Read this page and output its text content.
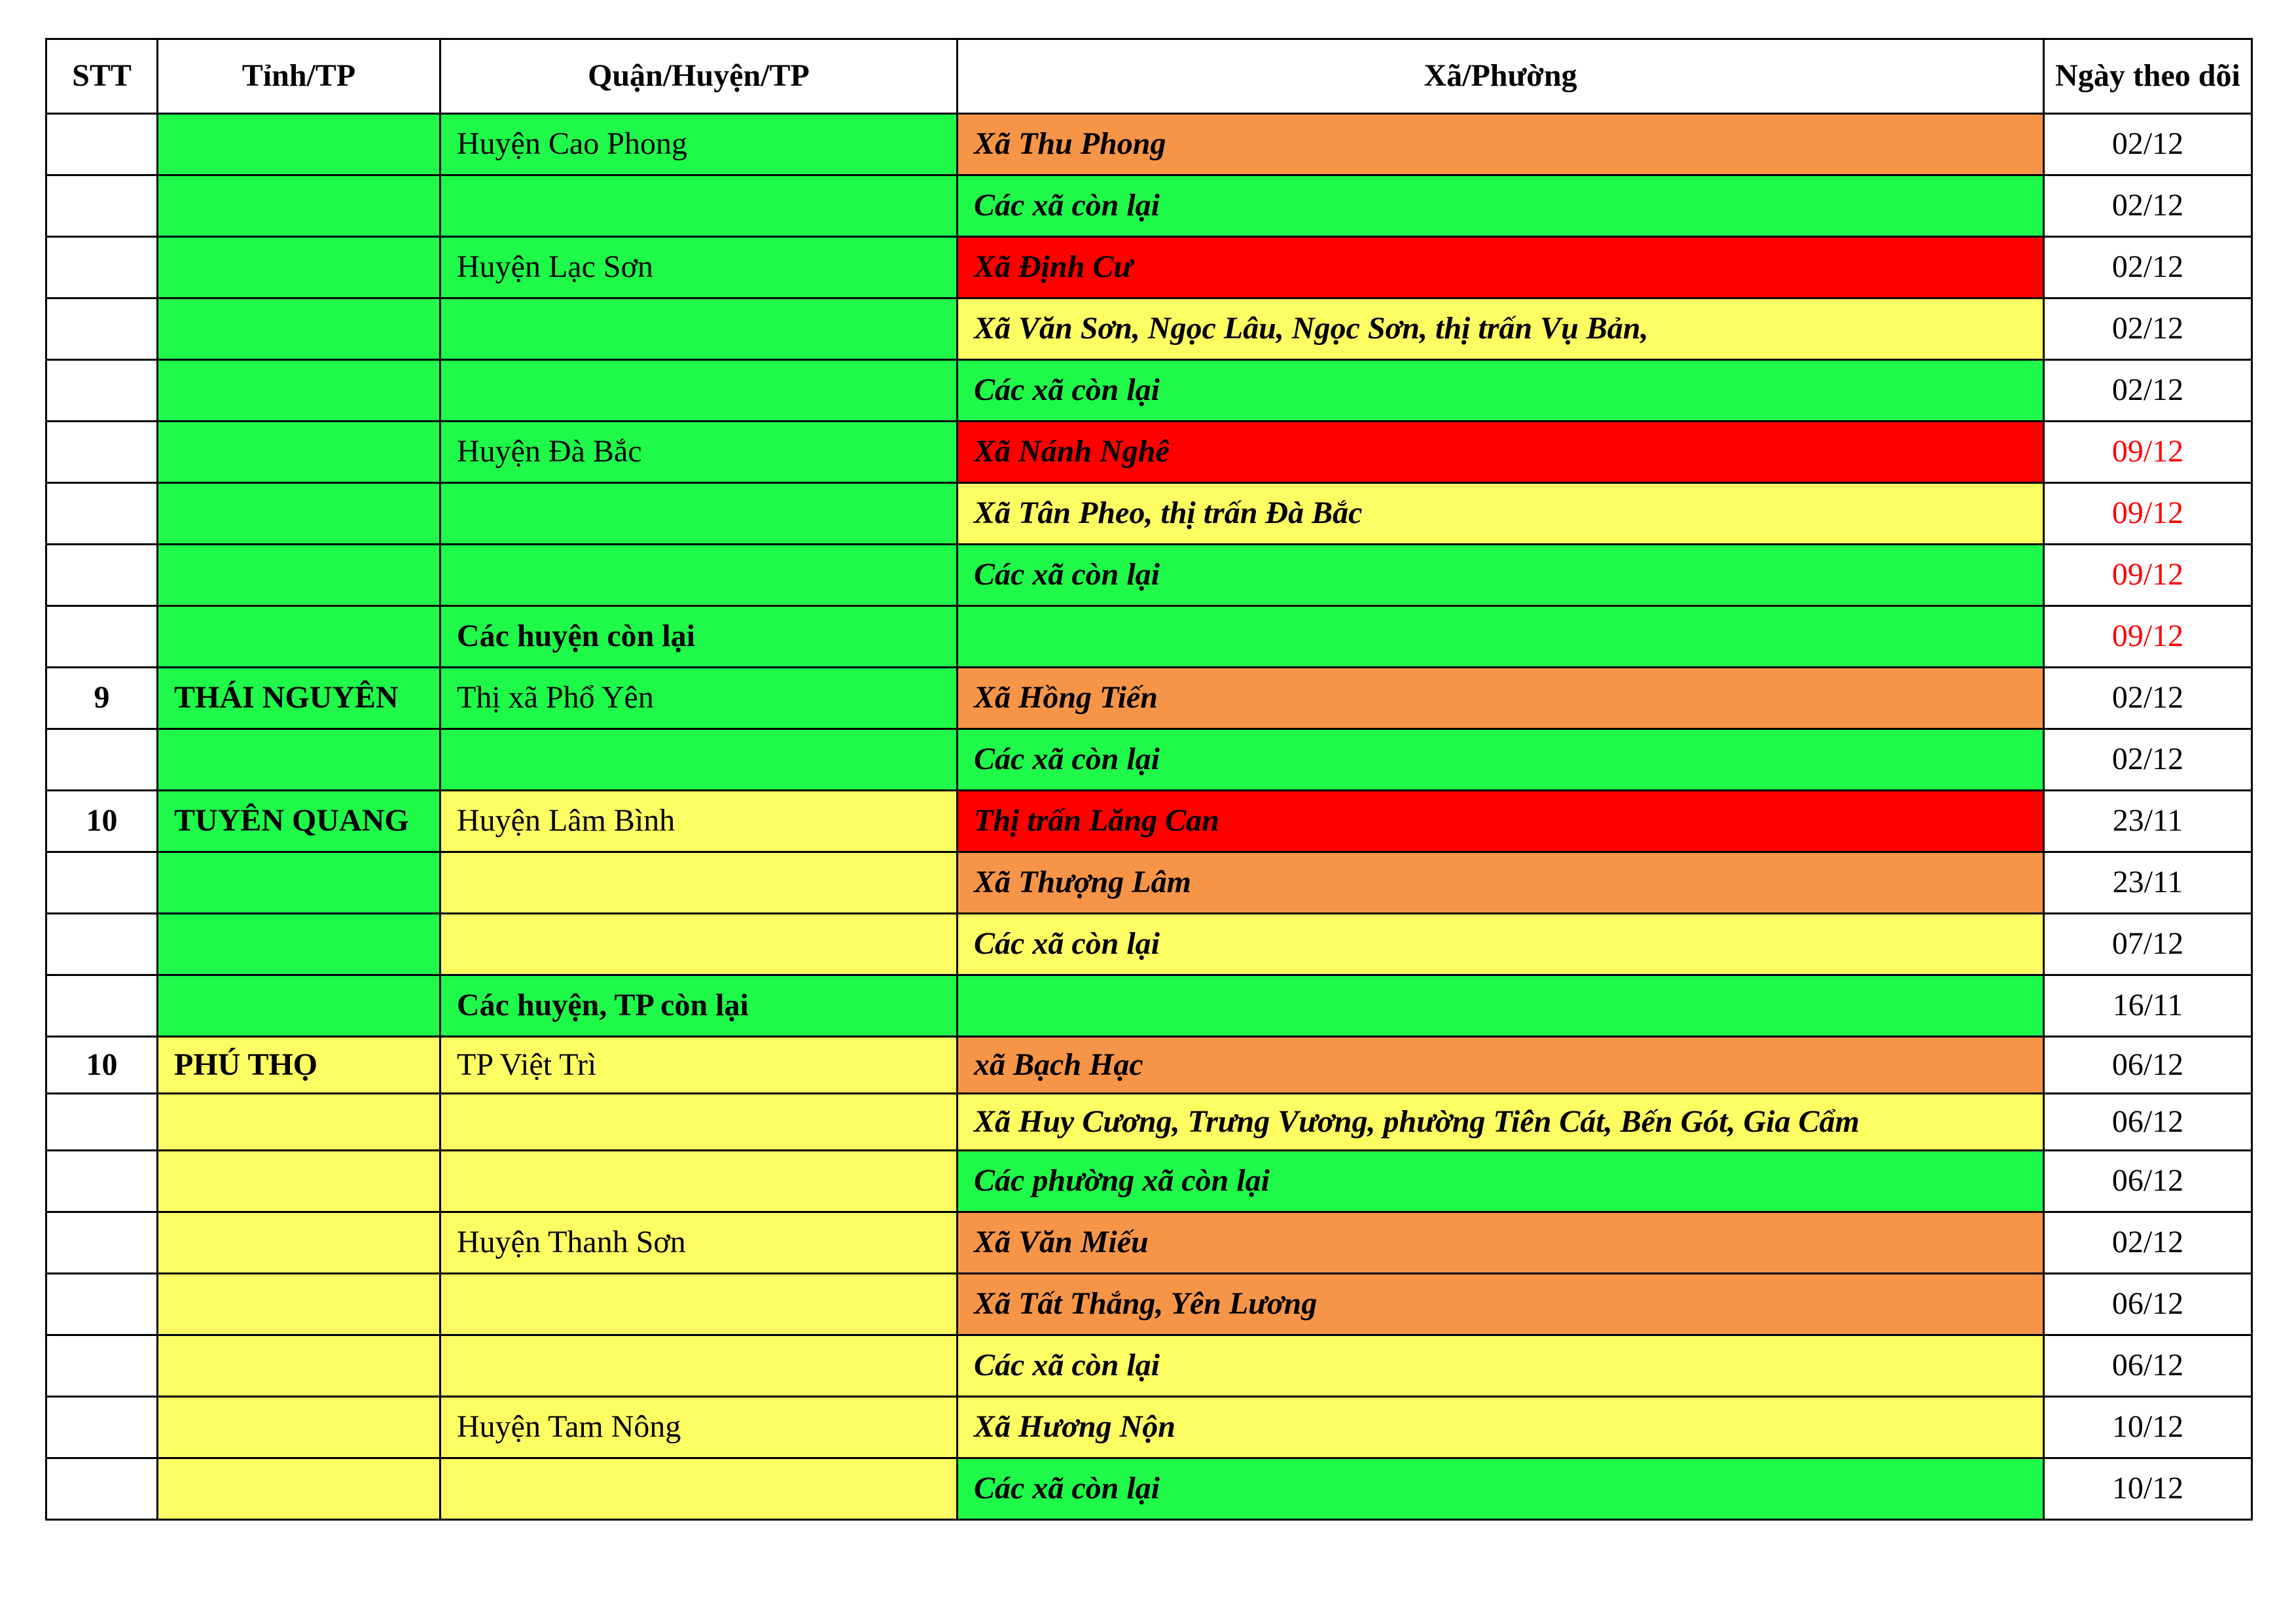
STT	Tỉnh/TP	Quận/Huyện/TP	Xã/Phường	Ngày theo dõi
		Huyện Cao Phong	Xã Thu Phong	02/12
			Các xã còn lại	02/12
		Huyện Lạc Sơn	Xã Định Cư	02/12
			Xã Văn Sơn, Ngọc Lâu, Ngọc Sơn, thị trấn Vụ Bản,	02/12
			Các xã còn lại	02/12
		Huyện Đà Bắc	Xã Nánh Nghê	09/12
			Xã Tân Pheo, thị trấn Đà Bắc	09/12
			Các xã còn lại	09/12
		Các huyện còn lại		09/12
9	THÁI NGUYÊN	Thị xã Phổ Yên	Xã Hồng Tiến	02/12
			Các xã còn lại	02/12
10	TUYÊN QUANG	Huyện Lâm Bình	Thị trấn Lăng Can	23/11
			Xã Thượng Lâm	23/11
			Các xã còn lại	07/12
		Các huyện, TP còn lại		16/11
10	PHÚ THỌ	TP Việt Trì	xã Bạch Hạc	06/12
			Xã Huy Cương, Trưng Vương, phường Tiên Cát, Bến Gót, Gia Cẩm	06/12
			Các phường xã còn lại	06/12
		Huyện Thanh Sơn	Xã Văn Miếu	02/12
			Xã Tất Thắng, Yên Lương	06/12
			Các xã còn lại	06/12
		Huyện Tam Nông	Xã Hương Nộn	10/12
			Các xã còn lại	10/12
